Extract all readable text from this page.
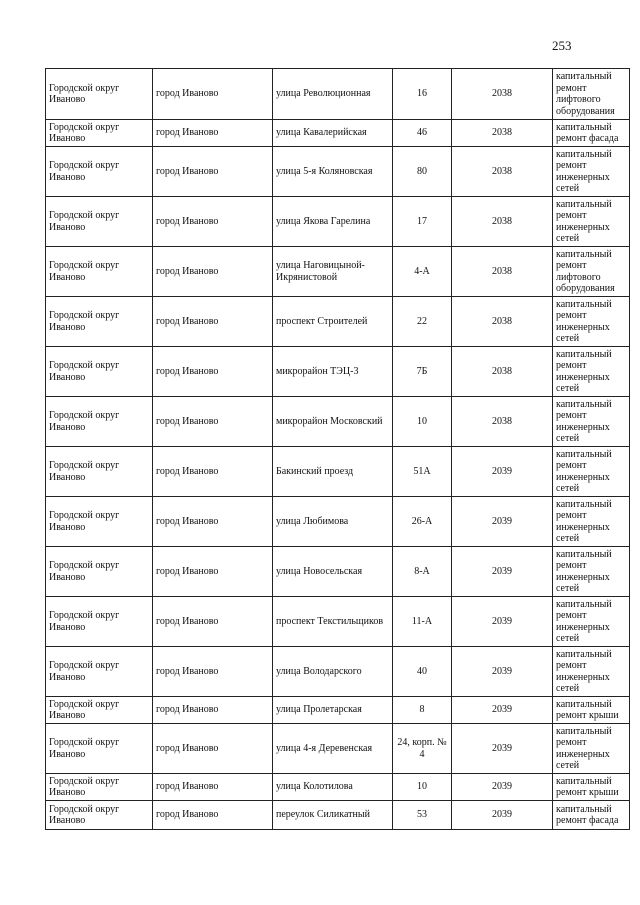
253
Городской округ Иваново	город Иваново	улица Революционная	16	2038	капитальный ремонт лифтового оборудования
Городской округ Иваново	город Иваново	улица Кавалерийская	46	2038	капитальный ремонт фасада
Городской округ Иваново	город Иваново	улица 5-я Коляновская	80	2038	капитальный ремонт инженерных сетей
Городской округ Иваново	город Иваново	улица Якова Гарелина	17	2038	капитальный ремонт инженерных сетей
Городской округ Иваново	город Иваново	улица Наговицыной-Икрянистовой	4-А	2038	капитальный ремонт лифтового оборудования
Городской округ Иваново	город Иваново	проспект Строителей	22	2038	капитальный ремонт инженерных сетей
Городской округ Иваново	город Иваново	микрорайон ТЭЦ-3	7Б	2038	капитальный ремонт инженерных сетей
Городской округ Иваново	город Иваново	микрорайон Московский	10	2038	капитальный ремонт инженерных сетей
Городской округ Иваново	город Иваново	Бакинский проезд	51А	2039	капитальный ремонт инженерных сетей
Городской округ Иваново	город Иваново	улица Любимова	26-А	2039	капитальный ремонт инженерных сетей
Городской округ Иваново	город Иваново	улица Новосельская	8-А	2039	капитальный ремонт инженерных сетей
Городской округ Иваново	город Иваново	проспект Текстильщиков	11-А	2039	капитальный ремонт инженерных сетей
Городской округ Иваново	город Иваново	улица Володарского	40	2039	капитальный ремонт инженерных сетей
Городской округ Иваново	город Иваново	улица Пролетарская	8	2039	капитальный ремонт крыши
Городской округ Иваново	город Иваново	улица 4-я Деревенская	24, корп. № 4	2039	капитальный ремонт инженерных сетей
Городской округ Иваново	город Иваново	улица Колотилова	10	2039	капитальный ремонт крыши
Городской округ Иваново	город Иваново	переулок Силикатный	53	2039	капитальный ремонт фасада
